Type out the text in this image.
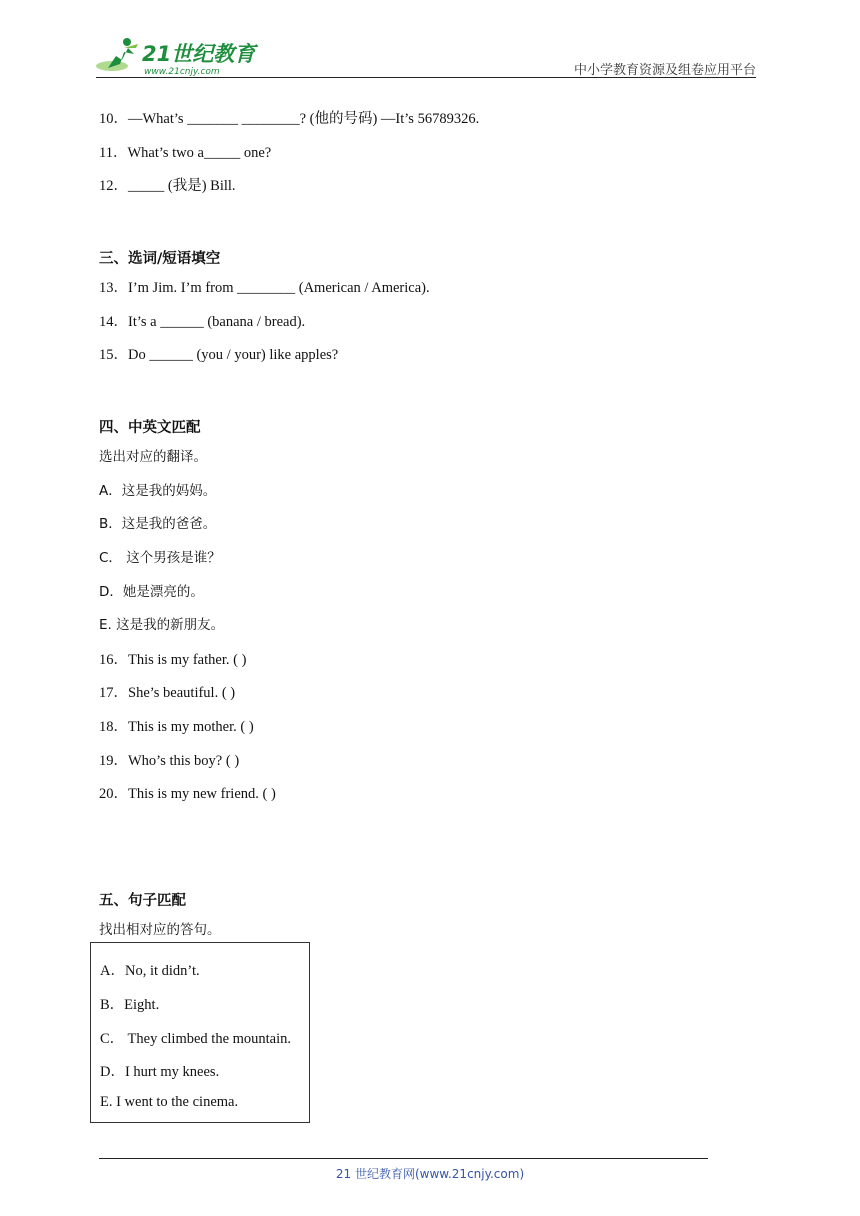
21世纪教育
www.21cnjy.com	中小学教育资源及组卷应用平台
10．—What’s _______ ________? (他的号码) —It’s 56789326.
11．What’s two a_____ one?
12．_____ (我是) Bill.
三、选词/短语填空
13．I’m Jim. I’m from ________ (American / America).
14．It’s a ______ (banana / bread).
15．Do ______ (you / your) like apples?
四、中英文匹配
选出对应的翻译。
A．这是我的妈妈。
B．这是我的爸爸。
C． 这个男孩是谁？
D．她是漂亮的。
E. 这是我的新朋友。
16．This is my father. ( )
17．She’s beautiful. ( )
18．This is my mother. ( )
19．Who’s this boy? ( )
20．This is my new friend. ( )
五、句子匹配
找出相对应的答句。
A．No, it didn’t.
B．Eight.
C． They climbed the mountain.
D．I hurt my knees.
E. I went to the cinema.
21 世纪教育网(www.21cnjy.com)
